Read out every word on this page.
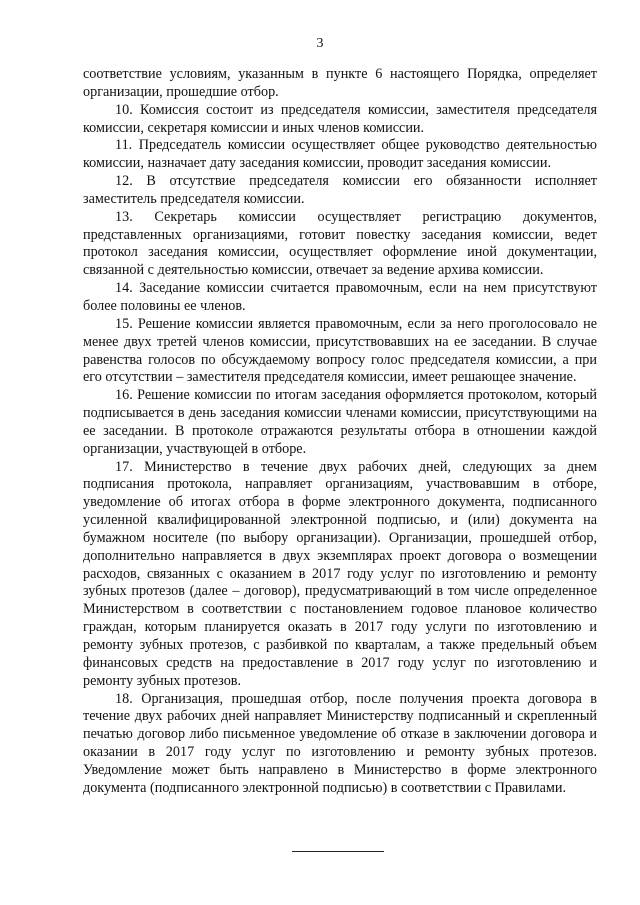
3

соответствие условиям, указанным в пункте 6 настоящего Порядка, определяет организации, прошедшие отбор.

10. Комиссия состоит из председателя комиссии, заместителя председателя комиссии, секретаря комиссии и иных членов комиссии.

11. Председатель комиссии осуществляет общее руководство деятельностью комиссии, назначает дату заседания комиссии, проводит заседания комиссии.

12. В отсутствие председателя комиссии его обязанности исполняет заместитель председателя комиссии.

13. Секретарь комиссии осуществляет регистрацию документов, представленных организациями, готовит повестку заседания комиссии, ведет протокол заседания комиссии, осуществляет оформление иной документации, связанной с деятельностью комиссии, отвечает за ведение архива комиссии.

14. Заседание комиссии считается правомочным, если на нем присутствуют более половины ее членов.

15. Решение комиссии является правомочным, если за него проголосовало не менее двух третей членов комиссии, присутствовавших на ее заседании. В случае равенства голосов по обсуждаемому вопросу голос председателя комиссии, а при его отсутствии – заместителя председателя комиссии, имеет решающее значение.

16. Решение комиссии по итогам заседания оформляется протоколом, который подписывается в день заседания комиссии членами комиссии, присутствующими на ее заседании. В протоколе отражаются результаты отбора в отношении каждой организации, участвующей в отборе.

17. Министерство в течение двух рабочих дней, следующих за днем подписания протокола, направляет организациям, участвовавшим в отборе, уведомление об итогах отбора в форме электронного документа, подписанного усиленной квалифицированной электронной подписью, и (или) документа на бумажном носителе (по выбору организации). Организации, прошедшей отбор, дополнительно направляется в двух экземплярах проект договора о возмещении расходов, связанных с оказанием в 2017 году услуг по изготовлению и ремонту зубных протезов (далее – договор), предусматривающий в том числе определенное Министерством в соответствии с постановлением годовое плановое количество граждан, которым планируется оказать в 2017 году услуги по изготовлению и ремонту зубных протезов, с разбивкой по кварталам, а также предельный объем финансовых средств на предоставление в 2017 году услуг по изготовлению и ремонту зубных протезов.

18. Организация, прошедшая отбор, после получения проекта договора в течение двух рабочих дней направляет Министерству подписанный и скрепленный печатью договор либо письменное уведомление об отказе в заключении договора и оказании в 2017 году услуг по изготовлению и ремонту зубных протезов. Уведомление может быть направлено в Министерство в форме электронного документа (подписанного электронной подписью) в соответствии с Правилами.
